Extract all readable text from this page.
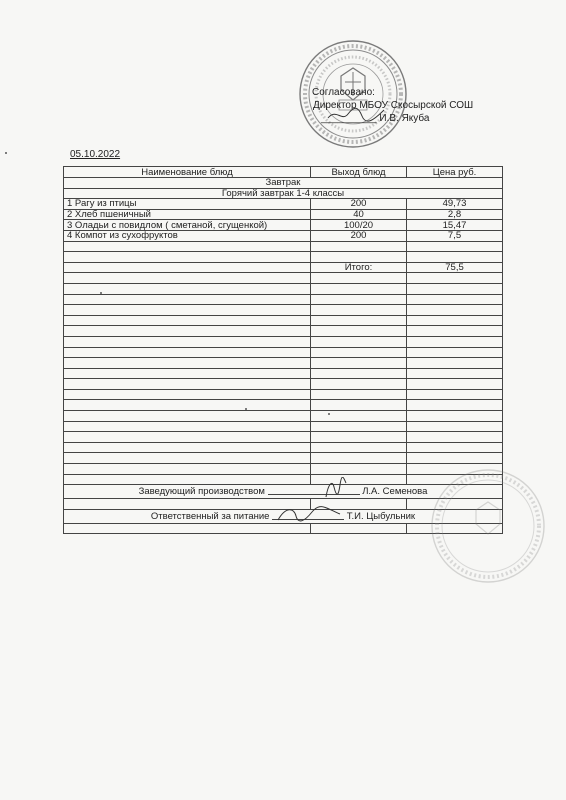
Согласовано:
Директор МБОУ Скосырской СОШ
__________ И.В. Якуба
05.10.2022
Наименование блюд	Выход блюд	Цена руб.
Завтрак		
Горячий завтрак 1-4 классы		
1 Рагу из птицы	200	49,73
2 Хлеб пшеничный	40	2,8
3 Оладьи с повидлом ( сметаной, сгущенкой)	100/20	15,47
4 Компот из сухофруктов	200	7,5

	Итого:	75,5

Заведующий производством Л.А. Семенова		

Ответственный за питание Т.И. Цыбульник		
